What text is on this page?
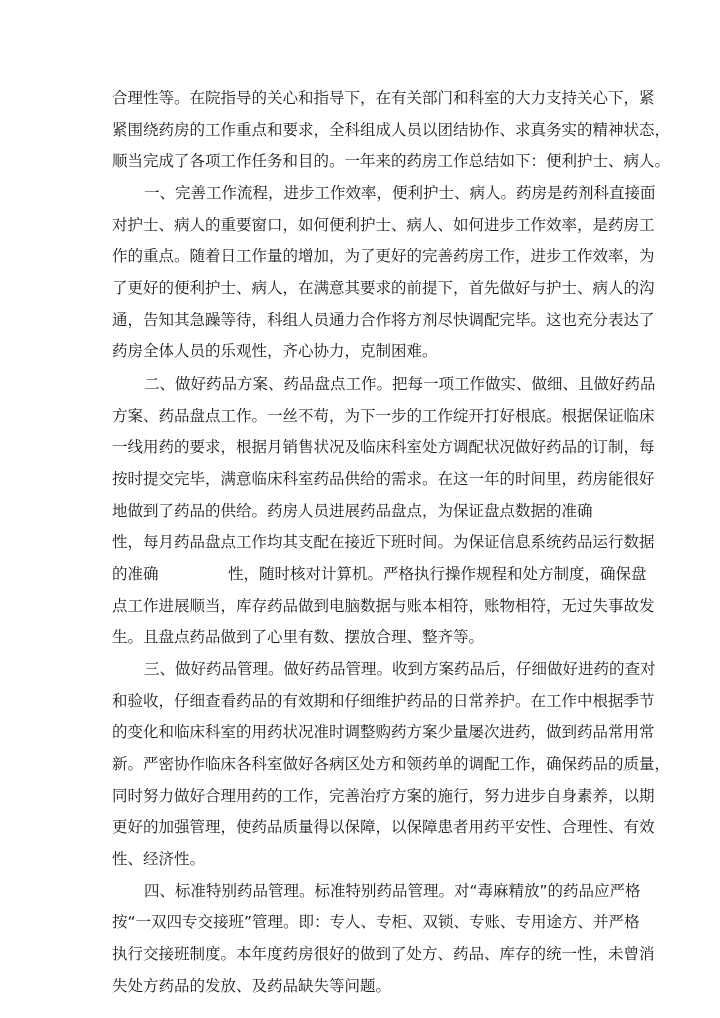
合理性等。在院指导的关心和指导下，在有关部门和科室的大力支持关心下，紧
紧围绕药房的工作重点和要求，全科组成人员以团结协作、求真务实的精神状态，
顺当完成了各项工作任务和目的。一年来的药房工作总结如下：便利护士、病人。
一、完善工作流程，进步工作效率，便利护士、病人。药房是药剂科直接面
对护士、病人的重要窗口，如何便利护士、病人、如何进步工作效率，是药房工
作的重点。随着日工作量的增加，为了更好的完善药房工作，进步工作效率，为
了更好的便利护士、病人，在满意其要求的前提下，首先做好与护士、病人的沟
通，告知其急躁等待，科组人员通力合作将方剂尽快调配完毕。这也充分表达了
药房全体人员的乐观性，齐心协力，克制困难。
二、做好药品方案、药品盘点工作。把每一项工作做实、做细、且做好药品
方案、药品盘点工作。一丝不苟，为下一步的工作绽开打好根底。根据保证临床
一线用药的要求，根据月销售状况及临床科室处方调配状况做好药品的订制，每
按时提交完毕，满意临床科室药品供给的需求。在这一年的时间里，药房能很好
地做到了药品的供给。药房人员进展药品盘点，为保证盘点数据的准确
性，每月药品盘点工作均其支配在接近下班时间。为保证信息系统药品运行数据
的准确	性，随时核对计算机。严格执行操作规程和处方制度，确保盘
点工作进展顺当，库存药品做到电脑数据与账本相符，账物相符，无过失事故发
生。且盘点药品做到了心里有数、摆放合理、整齐等。
三、做好药品管理。做好药品管理。收到方案药品后，仔细做好进药的查对
和验收，仔细查看药品的有效期和仔细维护药品的日常养护。在工作中根据季节
的变化和临床科室的用药状况准时调整购药方案少量屡次进药，做到药品常用常
新。严密协作临床各科室做好各病区处方和领药单的调配工作，确保药品的质量，
同时努力做好合理用药的工作，完善治疗方案的施行，努力进步自身素养，以期
更好的加强管理，使药品质量得以保障，以保障患者用药平安性、合理性、有效
性、经济性。
四、标准特别药品管理。标准特别药品管理。对“毒麻精放”的药品应严格
按“一双四专交接班”管理。即：专人、专柜、双锁、专账、专用途方、并严格
执行交接班制度。本年度药房很好的做到了处方、药品、库存的统一性，未曾消
失处方药品的发放、及药品缺失等问题。
